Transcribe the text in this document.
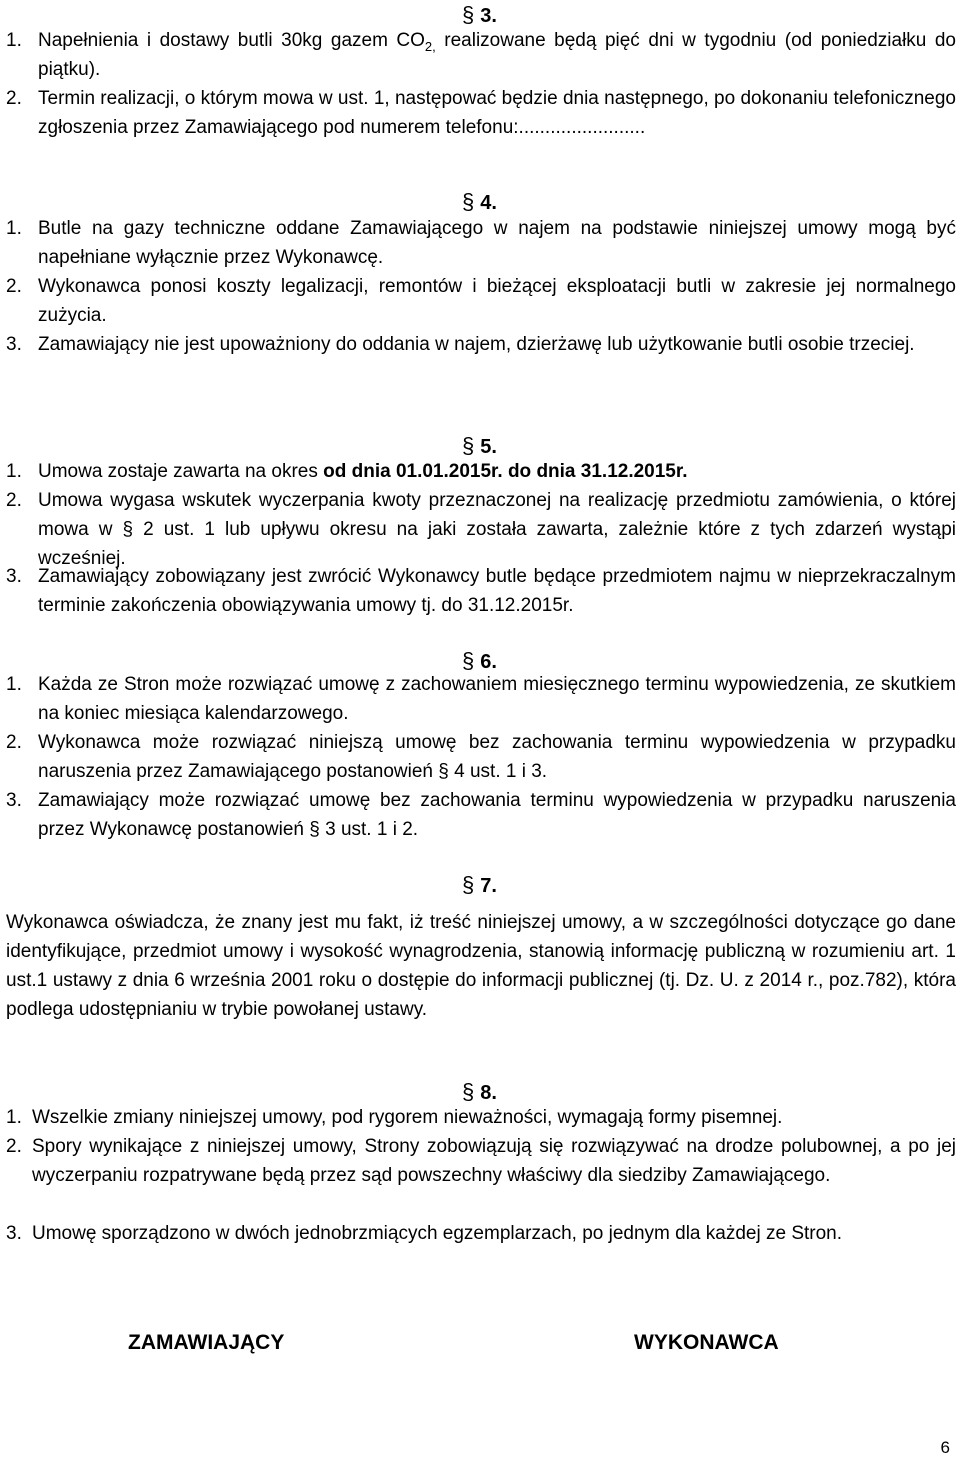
§ 3.
1. Napełnienia i dostawy butli 30kg gazem $CO_{2,}$ realizowane będą pięć dni w tygodniu (od poniedziałku do piątku).
2. Termin realizacji, o którym mowa w ust. 1, następować będzie dnia następnego, po dokonaniu telefonicznego zgłoszenia przez Zamawiającego pod numerem telefonu:........................
§ 4.
1. Butle na gazy techniczne oddane Zamawiającego w najem na podstawie niniejszej umowy mogą być napełniane wyłącznie przez Wykonawcę.
2. Wykonawca ponosi koszty legalizacji, remontów i bieżącej eksploatacji butli w zakresie jej normalnego zużycia.
3. Zamawiający nie jest upoważniony do oddania w najem, dzierżawę lub użytkowanie butli osobie trzeciej.
§ 5.
1. Umowa zostaje zawarta na okres od dnia 01.01.2015r. do dnia 31.12.2015r.
2. Umowa wygasa wskutek wyczerpania kwoty przeznaczonej na realizację przedmiotu zamówienia, o której mowa w § 2 ust. 1 lub upływu okresu na jaki została zawarta, zależnie które z tych zdarzeń wystąpi wcześniej.
3. Zamawiający zobowiązany jest zwrócić Wykonawcy butle będące przedmiotem najmu w nieprzekraczalnym terminie zakończenia obowiązywania umowy tj. do 31.12.2015r.
§ 6.
1. Każda ze Stron może rozwiązać umowę z zachowaniem miesięcznego terminu wypowiedzenia, ze skutkiem na koniec miesiąca kalendarzowego.
2. Wykonawca może rozwiązać niniejszą umowę bez zachowania terminu wypowiedzenia w przypadku naruszenia przez Zamawiającego postanowień § 4 ust. 1 i 3.
3. Zamawiający może rozwiązać umowę bez zachowania terminu wypowiedzenia w przypadku naruszenia przez Wykonawcę postanowień § 3 ust. 1 i 2.
§ 7.
Wykonawca oświadcza, że znany jest mu fakt, iż treść niniejszej umowy, a w szczególności dotyczące go dane identyfikujące, przedmiot umowy i wysokość wynagrodzenia, stanowią informację publiczną w rozumieniu art. 1 ust.1 ustawy z dnia 6 września 2001 roku o dostępie do informacji publicznej (tj. Dz. U. z 2014 r., poz.782), która podlega udostępnianiu w trybie powołanej ustawy.
§ 8.
1. Wszelkie zmiany niniejszej umowy, pod rygorem nieważności, wymagają formy pisemnej.
2. Spory wynikające z niniejszej umowy, Strony zobowiązują się rozwiązywać na drodze polubownej, a po jej wyczerpaniu rozpatrywane będą przez sąd powszechny właściwy dla siedziby Zamawiającego.
3. Umowę sporządzono w dwóch jednobrzmiących egzemplarzach, po jednym dla każdej ze Stron.
ZAMAWIAJĄCY	WYKONAWCA
6
